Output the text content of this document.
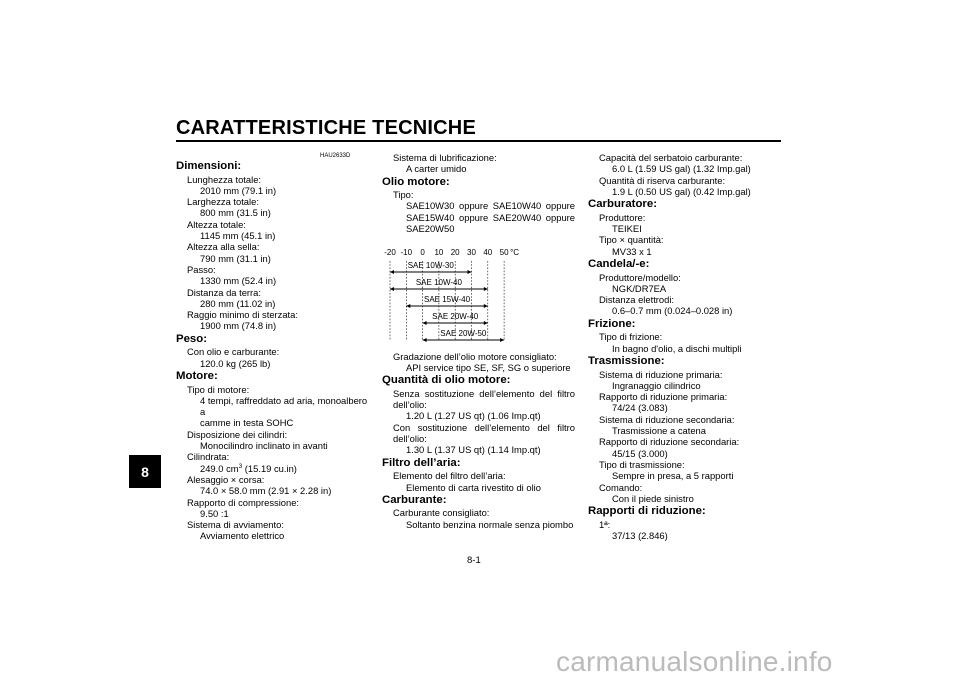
CARATTERISTICHE TECNICHE
8
HAU2633D
Dimensioni:
Lunghezza totale:
2010 mm (79.1 in)
Larghezza totale:
800 mm (31.5 in)
Altezza totale:
1145 mm (45.1 in)
Altezza alla sella:
790 mm (31.1 in)
Passo:
1330 mm (52.4 in)
Distanza da terra:
280 mm (11.02 in)
Raggio minimo di sterzata:
1900 mm (74.8 in)
Peso:
Con olio e carburante:
120.0 kg (265 lb)
Motore:
Tipo di motore:
4 tempi, raffreddato ad aria, monoalbero a
camme in testa SOHC
Disposizione dei cilindri:
Monocilindro inclinato in avanti
Cilindrata:
249.0 $cm^3$ (15.19 cu.in)
Alesaggio × corsa:
74.0 × 58.0 mm (2.91 × 2.28 in)
Rapporto di compressione:
9.50 :1
Sistema di avviamento:
Avviamento elettrico
Sistema di lubrificazione:
A carter umido
Olio motore:
Tipo:
SAE10W30 oppure SAE10W40 oppure
SAE15W40 oppure SAE20W40 oppure
SAE20W50
-20 -10 0 10 20 30 40 50 °C
SAE 10W-30
SAE 10W-40
SAE 15W-40
SAE 20W-40
SAE 20W-50
Gradazione dell’olio motore consigliato:
API service tipo SE, SF, SG o superiore
Quantità di olio motore:
Senza sostituzione dell’elemento del filtro
dell’olio:
1.20 L (1.27 US qt) (1.06 Imp.qt)
Con sostituzione dell’elemento del filtro
dell’olio:
1.30 L (1.37 US qt) (1.14 Imp.qt)
Filtro dell’aria:
Elemento del filtro dell’aria:
Elemento di carta rivestito di olio
Carburante:
Carburante consigliato:
Soltanto benzina normale senza piombo
Capacità del serbatoio carburante:
6.0 L (1.59 US gal) (1.32 Imp.gal)
Quantità di riserva carburante:
1.9 L (0.50 US gal) (0.42 Imp.gal)
Carburatore:
Produttore:
TEIKEI
Tipo × quantità:
MV33 x 1
Candela/-e:
Produttore/modello:
NGK/DR7EA
Distanza elettrodi:
0.6–0.7 mm (0.024–0.028 in)
Frizione:
Tipo di frizione:
In bagno d'olio, a dischi multipli
Trasmissione:
Sistema di riduzione primaria:
Ingranaggio cilindrico
Rapporto di riduzione primaria:
74/24 (3.083)
Sistema di riduzione secondaria:
Trasmissione a catena
Rapporto di riduzione secondaria:
45/15 (3.000)
Tipo di trasmissione:
Sempre in presa, a 5 rapporti
Comando:
Con il piede sinistro
Rapporti di riduzione:
1ª:
37/13 (2.846)
8-1
carmanualsonline.info
